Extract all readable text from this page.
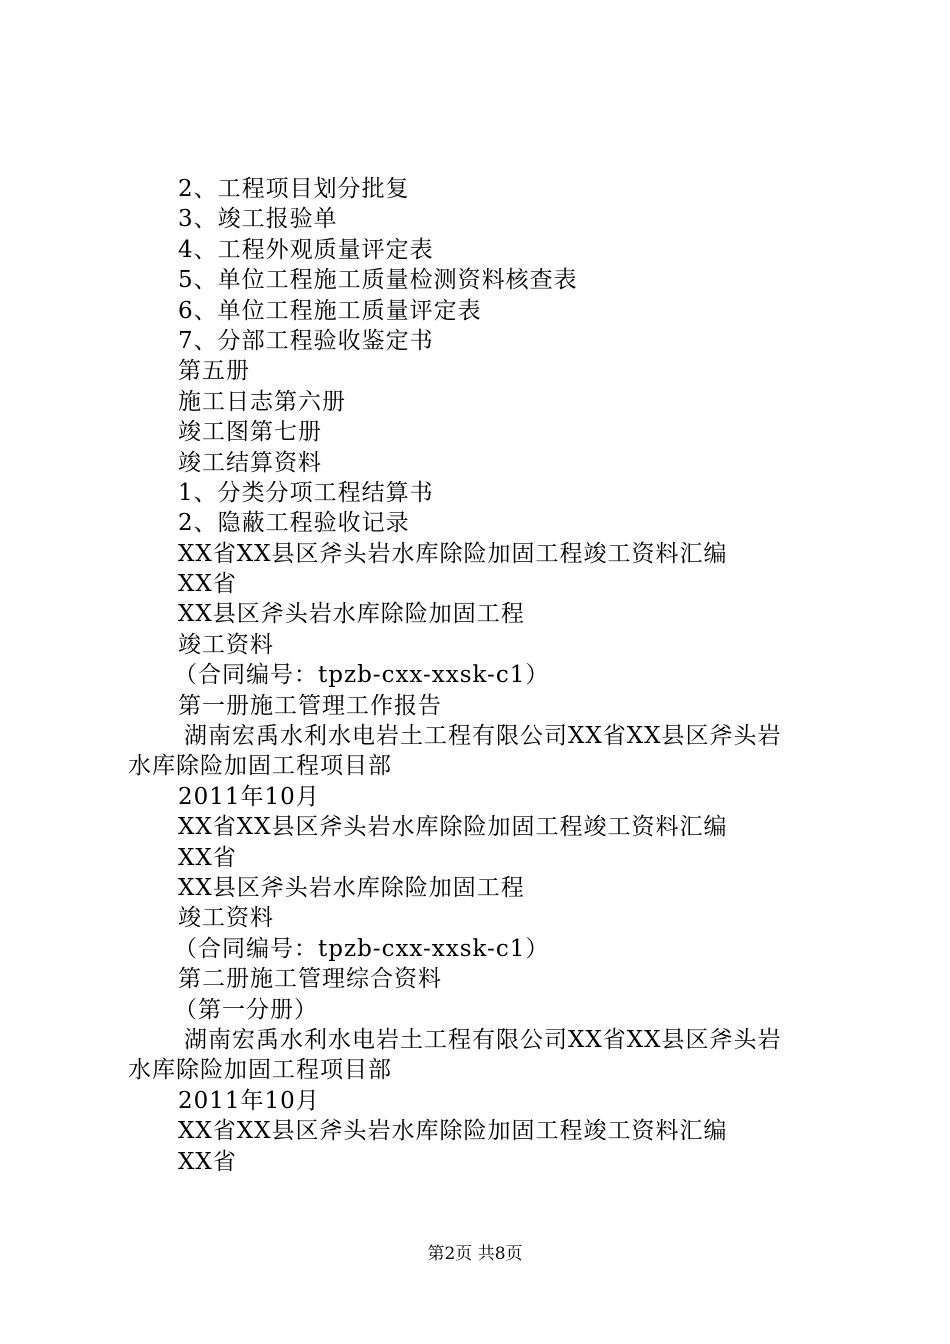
2、工程项目划分批复
3、竣工报验单
4、工程外观质量评定表
5、单位工程施工质量检测资料核查表
6、单位工程施工质量评定表
7、分部工程验收鉴定书
第五册
施工日志第六册
竣工图第七册
竣工结算资料
1、分类分项工程结算书
2、隐蔽工程验收记录
XX省XX县区斧头岩水库除险加固工程竣工资料汇编
XX省
XX县区斧头岩水库除险加固工程
竣工资料
（合同编号：tpzb-cxx-xxsk-c1）
第一册施工管理工作报告
湖南宏禹水利水电岩土工程有限公司XX省XX县区斧头岩
水库除险加固工程项目部
2011年10月
XX省XX县区斧头岩水库除险加固工程竣工资料汇编
XX省
XX县区斧头岩水库除险加固工程
竣工资料
（合同编号：tpzb-cxx-xxsk-c1）
第二册施工管理综合资料
（第一分册）
湖南宏禹水利水电岩土工程有限公司XX省XX县区斧头岩
水库除险加固工程项目部
2011年10月
XX省XX县区斧头岩水库除险加固工程竣工资料汇编
XX省
第2页 共8页
